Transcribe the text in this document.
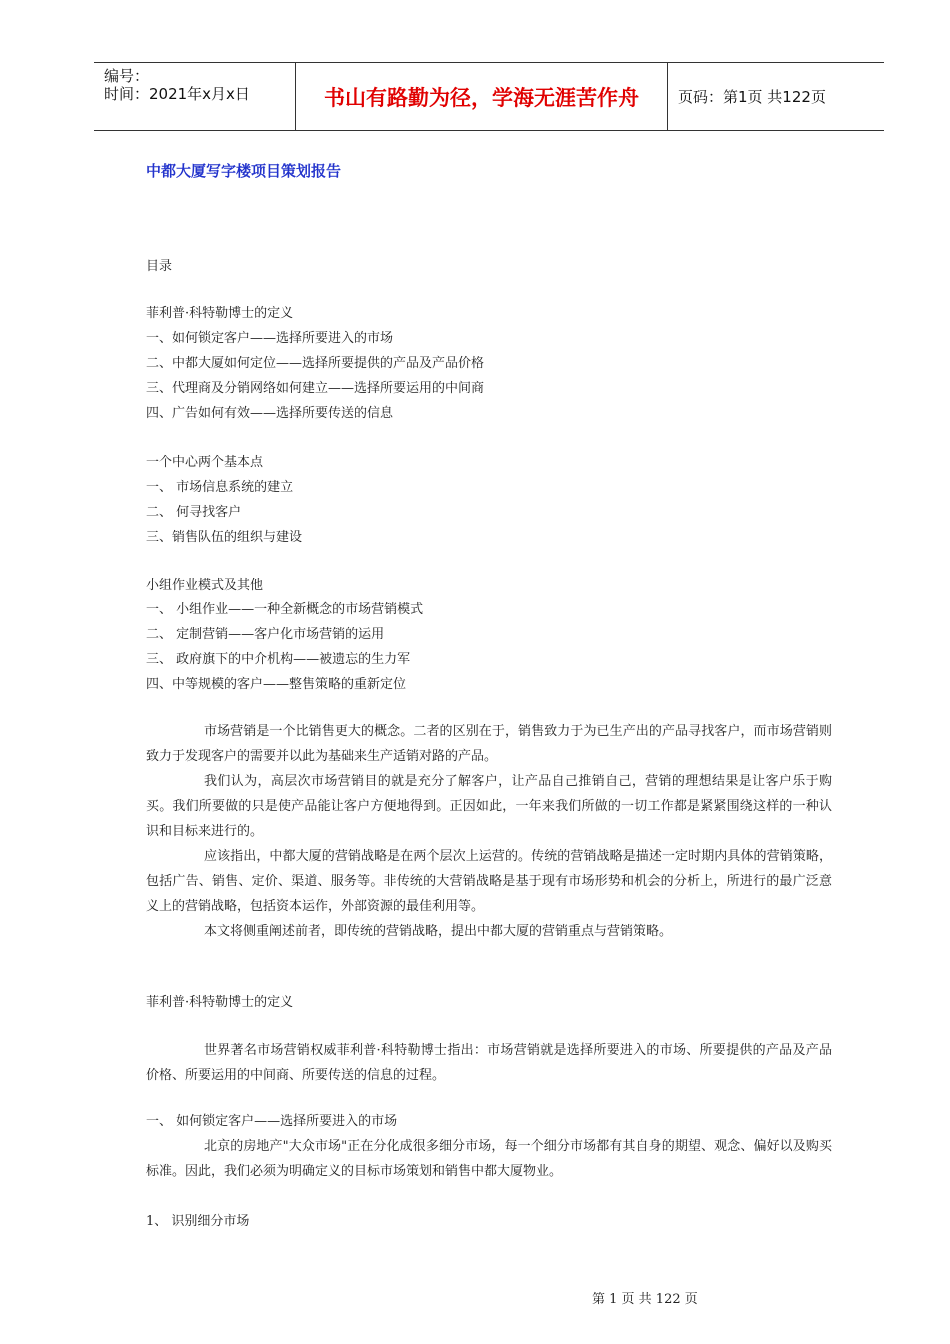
编号：
时间：2021年x月x日	书山有路勤为径，学海无涯苦作舟	页码：第1页 共122页
中都大厦写字楼项目策划报告

目录

菲利普·科特勒博士的定义

一、如何锁定客户——选择所要进入的市场

二、中都大厦如何定位——选择所要提供的产品及产品价格

三、代理商及分销网络如何建立——选择所要运用的中间商

四、广告如何有效——选择所要传送的信息

一个中心两个基本点

一、 市场信息系统的建立

二、 何寻找客户

三、销售队伍的组织与建设

小组作业模式及其他

一、 小组作业——一种全新概念的市场营销模式

二、 定制营销——客户化市场营销的运用

三、 政府旗下的中介机构——被遗忘的生力军

四、中等规模的客户——整售策略的重新定位

市场营销是一个比销售更大的概念。二者的区别在于，销售致力于为已生产出的产品寻找客户，而市场营销则致力于发现客户的需要并以此为基础来生产适销对路的产品。

我们认为，高层次市场营销目的就是充分了解客户，让产品自己推销自己，营销的理想结果是让客户乐于购买。我们所要做的只是使产品能让客户方便地得到。正因如此，一年来我们所做的一切工作都是紧紧围绕这样的一种认识和目标来进行的。

应该指出，中都大厦的营销战略是在两个层次上运营的。传统的营销战略是描述一定时期内具体的营销策略，包括广告、销售、定价、渠道、服务等。非传统的大营销战略是基于现有市场形势和机会的分析上，所进行的最广泛意义上的营销战略，包括资本运作，外部资源的最佳利用等。

本文将侧重阐述前者，即传统的营销战略，提出中都大厦的营销重点与营销策略。

菲利普·科特勒博士的定义

世界著名市场营销权威菲利普·科特勒博士指出：市场营销就是选择所要进入的市场、所要提供的产品及产品价格、所要运用的中间商、所要传送的信息的过程。

一、 如何锁定客户——选择所要进入的市场

北京的房地产"大众市场"正在分化成很多细分市场，每一个细分市场都有其自身的期望、观念、偏好以及购买标准。因此，我们必须为明确定义的目标市场策划和销售中都大厦物业。

1、 识别细分市场

第 1 页 共 122 页
